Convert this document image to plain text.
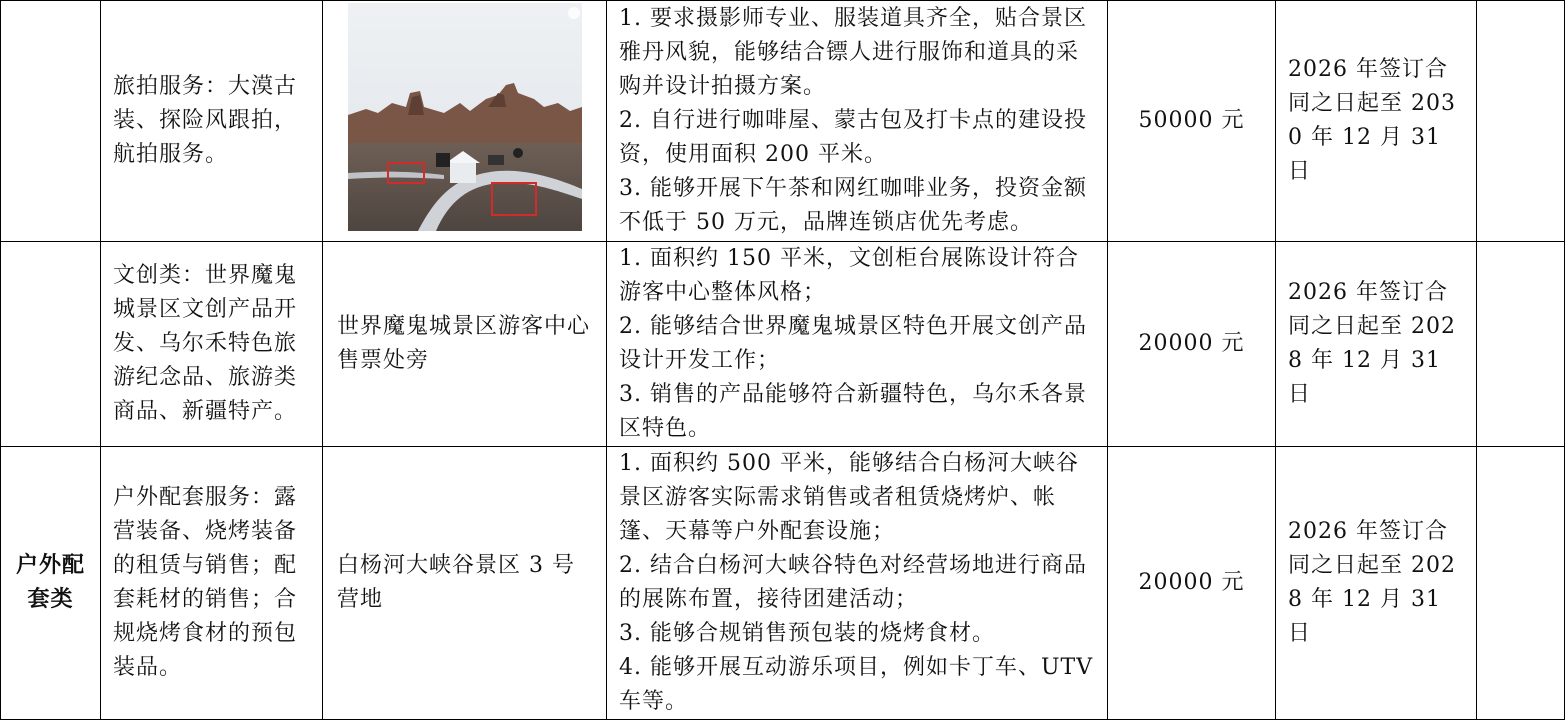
	旅拍服务：大漠古装、探险风跟拍，航拍服务。		1. 要求摄影师专业、服装道具齐全，贴合景区雅丹风貌，能够结合镖人进行服饰和道具的采购并设计拍摄方案。
2. 自行进行咖啡屋、蒙古包及打卡点的建设投资，使用面积 200 平米。
3. 能够开展下午茶和网红咖啡业务，投资金额不低于 50 万元，品牌连锁店优先考虑。	50000 元	2026 年签订合同之日起至 2030 年 12 月 31 日	

	文创类：世界魔鬼城景区文创产品开发、乌尔禾特色旅游纪念品、旅游类商品、新疆特产。	世界魔鬼城景区游客中心售票处旁	1. 面积约 150 平米，文创柜台展陈设计符合游客中心整体风格；
2. 能够结合世界魔鬼城景区特色开展文创产品设计开发工作；
3. 销售的产品能够符合新疆特色，乌尔禾各景区特色。	20000 元	2026 年签订合同之日起至 2028 年 12 月 31 日	

户外配套类	户外配套服务：露营装备、烧烤装备的租赁与销售；配套耗材的销售；合规烧烤食材的预包装品。	白杨河大峡谷景区 3 号营地	1. 面积约 500 平米，能够结合白杨河大峡谷景区游客实际需求销售或者租赁烧烤炉、帐篷、天幕等户外配套设施；
2. 结合白杨河大峡谷特色对经营场地进行商品的展陈布置，接待团建活动；
3. 能够合规销售预包装的烧烤食材。
4. 能够开展互动游乐项目，例如卡丁车、UTV 车等。	20000 元	2026 年签订合同之日起至 2028 年 12 月 31 日	
